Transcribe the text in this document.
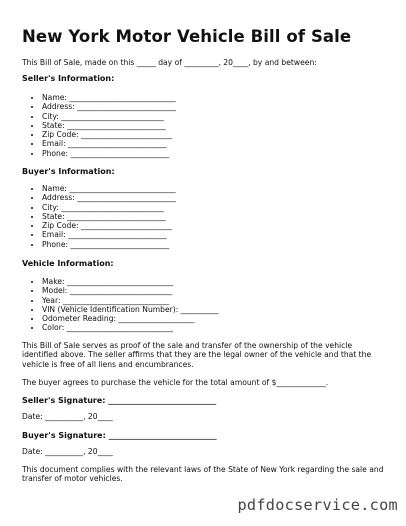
New York Motor Vehicle Bill of Sale

This Bill of Sale, made on this _____ day of _________, 20____, by and between:

Seller's Information:

• Name: ____________________________
• Address: __________________________
• City: ___________________________
• State: __________________________
• Zip Code: ________________________
• Email: __________________________
• Phone: __________________________

Buyer's Information:

• Name: ____________________________
• Address: __________________________
• City: ___________________________
• State: __________________________
• Zip Code: ________________________
• Email: __________________________
• Phone: __________________________

Vehicle Information:

• Make: ____________________________
• Model: ___________________________
• Year: ____________________________
• VIN (Vehicle Identification Number): __________
• Odometer Reading: ____________________
• Color: ____________________________

This Bill of Sale serves as proof of the sale and transfer of the ownership of the vehicle identified above. The seller affirms that they are the legal owner of the vehicle and that the vehicle is free of all liens and encumbrances.

The buyer agrees to purchase the vehicle for the total amount of $_____________.

Seller's Signature: ___________________________

Date: __________, 20____

Buyer's Signature: ___________________________

Date: __________, 20____

This document complies with the relevant laws of the State of New York regarding the sale and transfer of motor vehicles.

pdfdocservice.com
